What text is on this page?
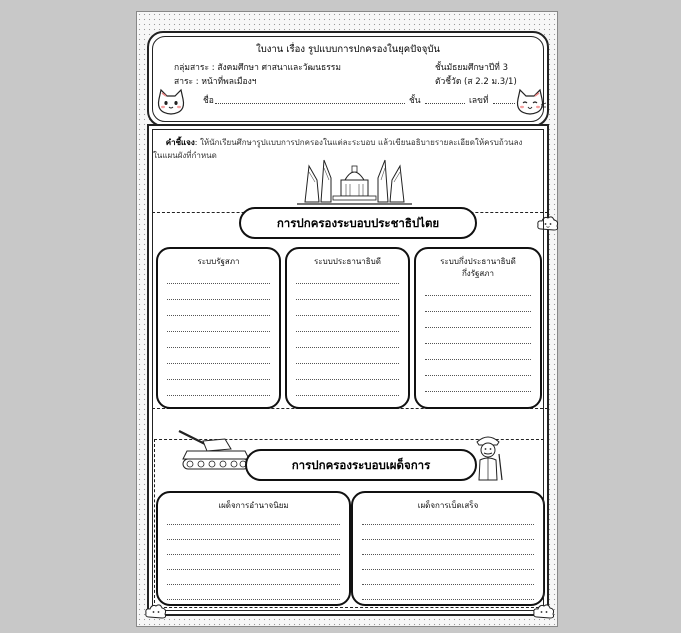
ใบงาน เรื่อง รูปแบบการปกครองในยุคปัจจุบัน
กลุ่มสาระ : สังคมศึกษา ศาสนาและวัฒนธรรม	ชั้นมัธยมศึกษาปีที่ 3
สาระ : หน้าที่พลเมืองฯ	ตัวชี้วัด (ส 2.2 ม.3/1)
ชื่อ	ชั้น	เลขที่
คำชี้แจง: ให้นักเรียนศึกษารูปแบบการปกครองในแต่ละระบอบ แล้วเขียนอธิบายรายละเอียดให้ครบถ้วนลง
ในแผนผังที่กำหนด
การปกครองระบอบประชาธิปไตย
ระบบรัฐสภา	ระบบประธานาธิบดี	ระบบกึ่งประธานาธิบดี
กึ่งรัฐสภา
การปกครองระบอบเผด็จการ
เผด็จการอำนาจนิยม	เผด็จการเบ็ดเสร็จ
